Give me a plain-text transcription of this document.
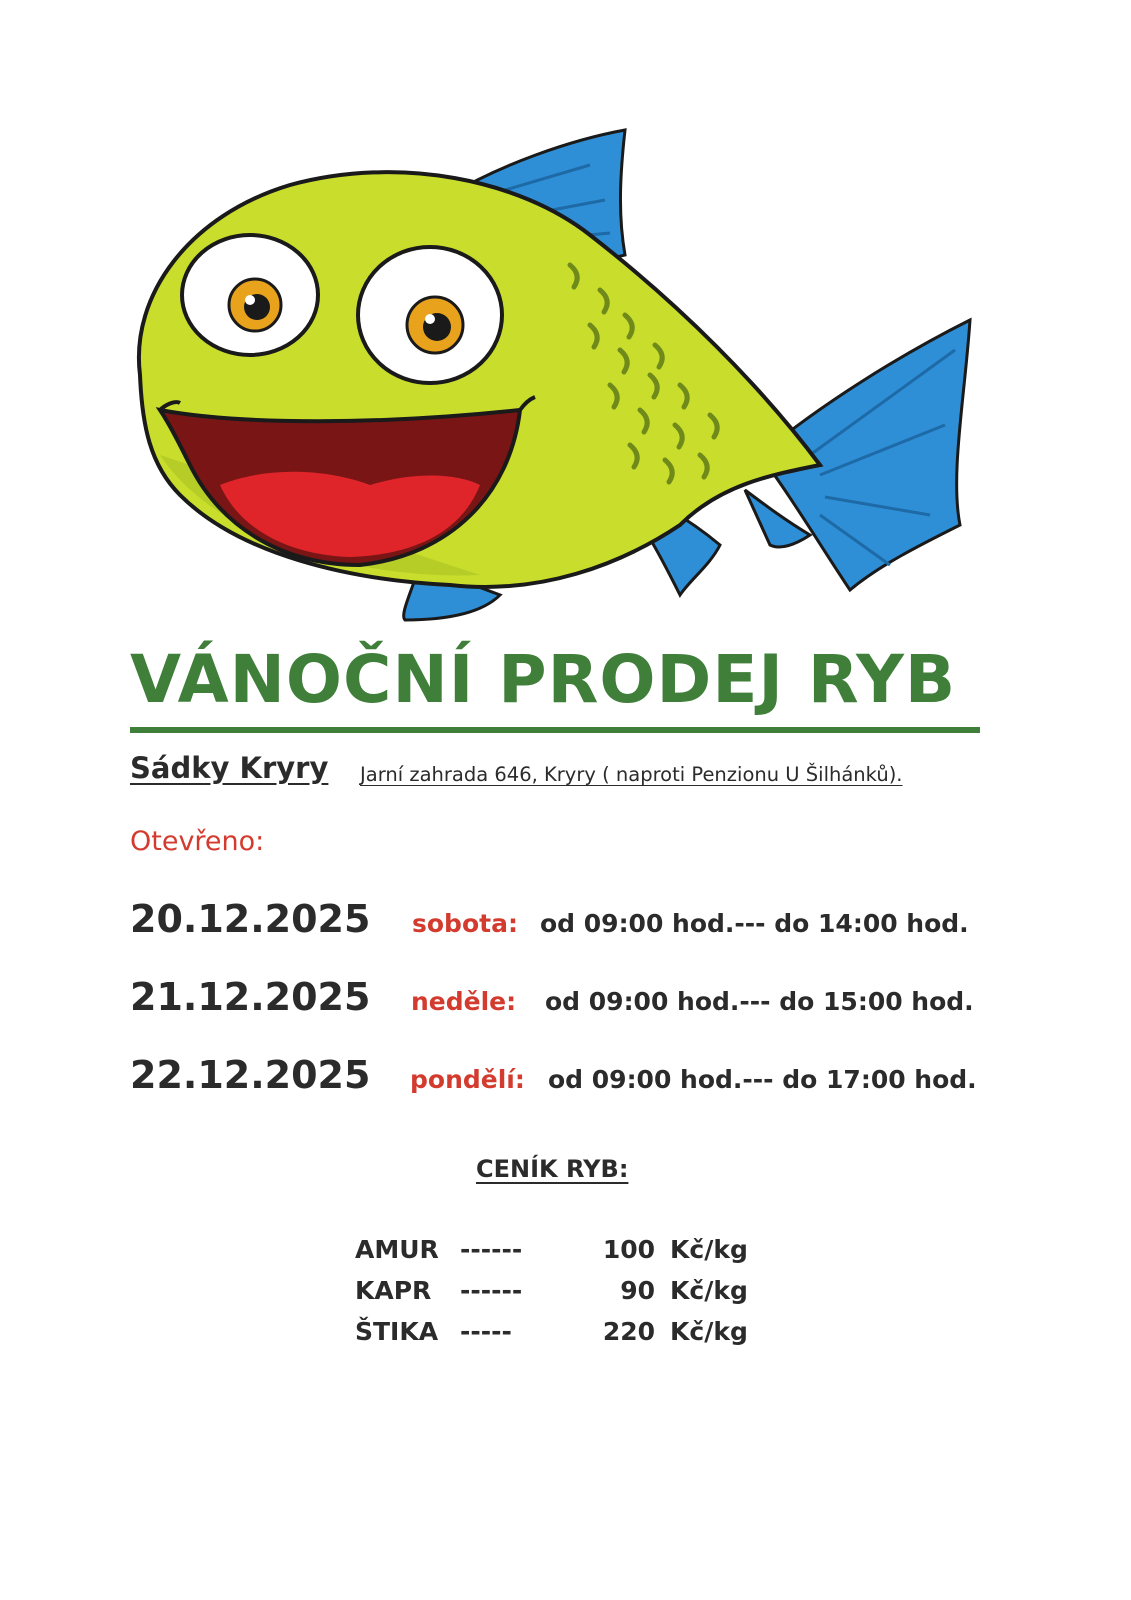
VÁNOČNÍ PRODEJ RYB
Sádky Kryry Jarní zahrada 646, Kryry ( naproti Penzionu U Šilhánků).
Otevřeno:
20.12.2025 sobota: od 09:00 hod.--- do 14:00 hod.
21.12.2025 neděle: od 09:00 hod.--- do 15:00 hod.
22.12.2025 pondělí: od 09:00 hod.--- do 17:00 hod.
CENÍK RYB:
AMUR ------	100 Kč/kg
KAPR ------	90 Kč/kg
ŠTIKA -----	220 Kč/kg
